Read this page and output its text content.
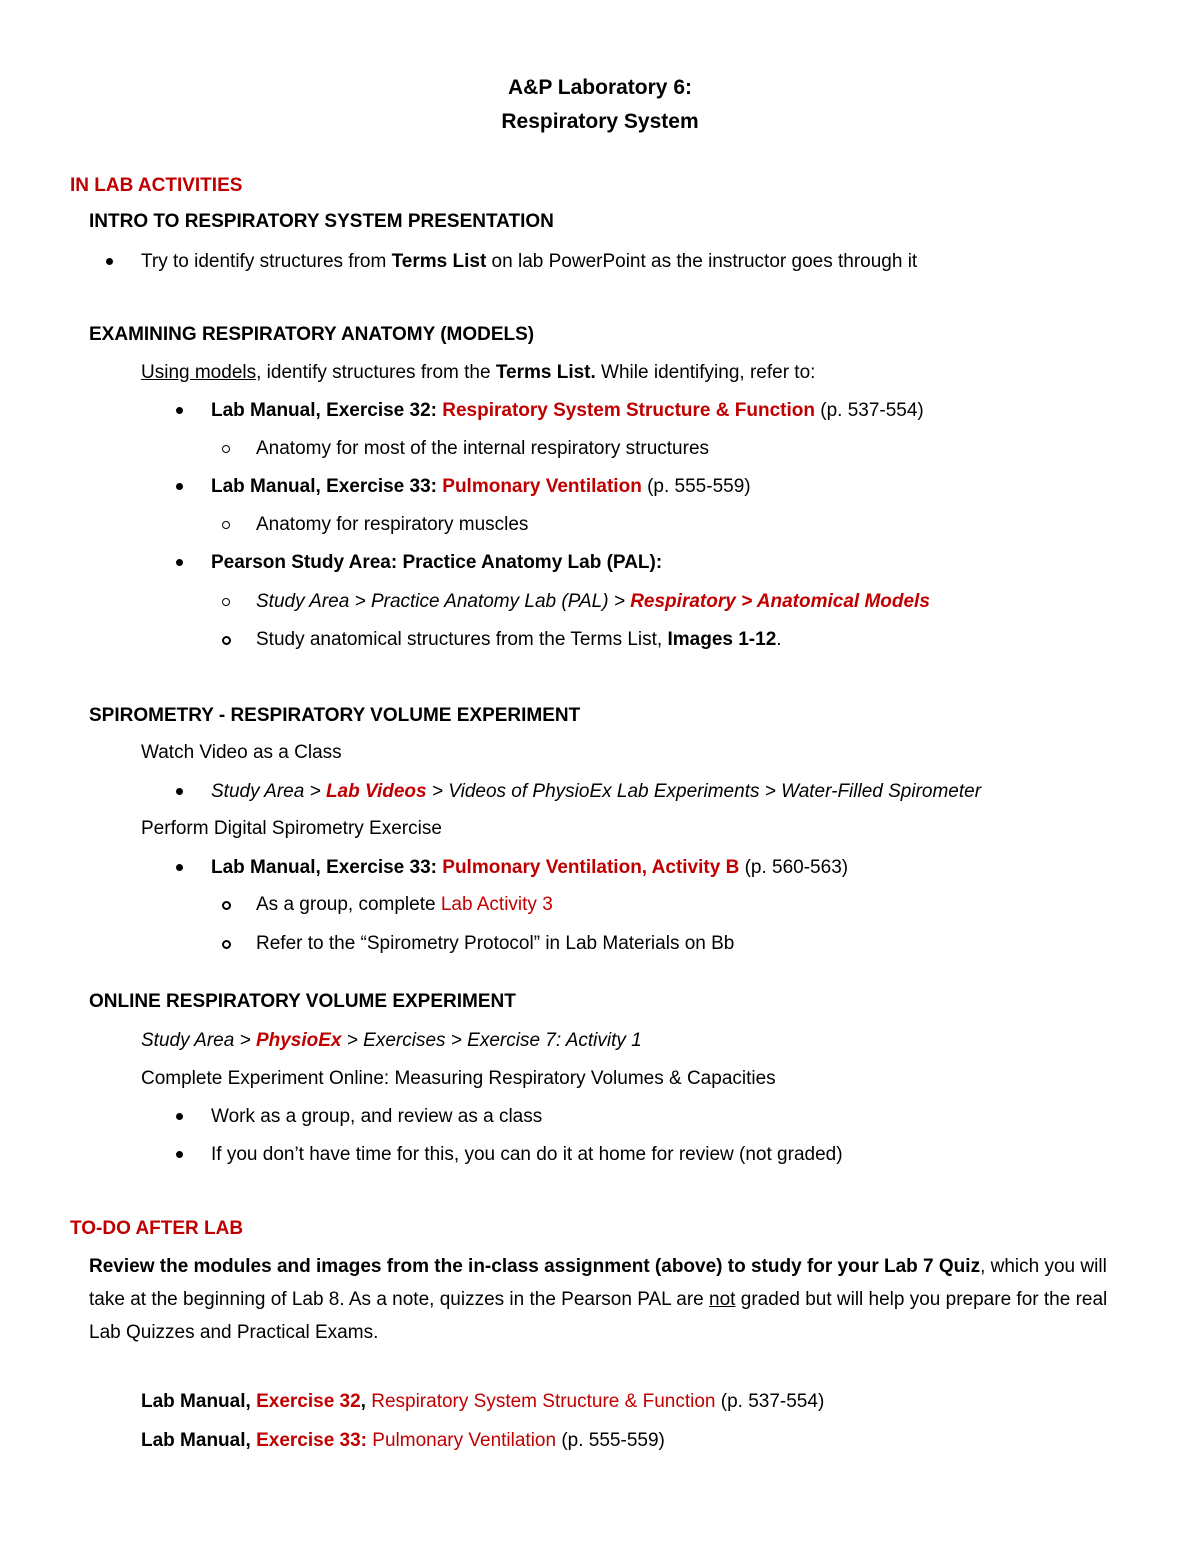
A&P Laboratory 6:
Respiratory System
IN LAB ACTIVITIES
INTRO TO RESPIRATORY SYSTEM PRESENTATION
Try to identify structures from Terms List on lab PowerPoint as the instructor goes through it
EXAMINING RESPIRATORY ANATOMY (MODELS)
Using models, identify structures from the Terms List. While identifying, refer to:
Lab Manual, Exercise 32: Respiratory System Structure & Function (p. 537-554)
Anatomy for most of the internal respiratory structures
Lab Manual, Exercise 33: Pulmonary Ventilation (p. 555-559)
Anatomy for respiratory muscles
Pearson Study Area: Practice Anatomy Lab (PAL):
Study Area > Practice Anatomy Lab (PAL) > Respiratory > Anatomical Models
Study anatomical structures from the Terms List, Images 1-12.
SPIROMETRY - RESPIRATORY VOLUME EXPERIMENT
Watch Video as a Class
Study Area > Lab Videos > Videos of PhysioEx Lab Experiments > Water-Filled Spirometer
Perform Digital Spirometry Exercise
Lab Manual, Exercise 33: Pulmonary Ventilation, Activity B (p. 560-563)
As a group, complete Lab Activity 3
Refer to the “Spirometry Protocol” in Lab Materials on Bb
ONLINE RESPIRATORY VOLUME EXPERIMENT
Study Area > PhysioEx > Exercises > Exercise 7: Activity 1
Complete Experiment Online: Measuring Respiratory Volumes & Capacities
Work as a group, and review as a class
If you don’t have time for this, you can do it at home for review (not graded)
TO-DO AFTER LAB
Review the modules and images from the in-class assignment (above) to study for your Lab 7 Quiz, which you will take at the beginning of Lab 8. As a note, quizzes in the Pearson PAL are not graded but will help you prepare for the real Lab Quizzes and Practical Exams.
Lab Manual, Exercise 32, Respiratory System Structure & Function (p. 537-554)
Lab Manual, Exercise 33: Pulmonary Ventilation (p. 555-559)
